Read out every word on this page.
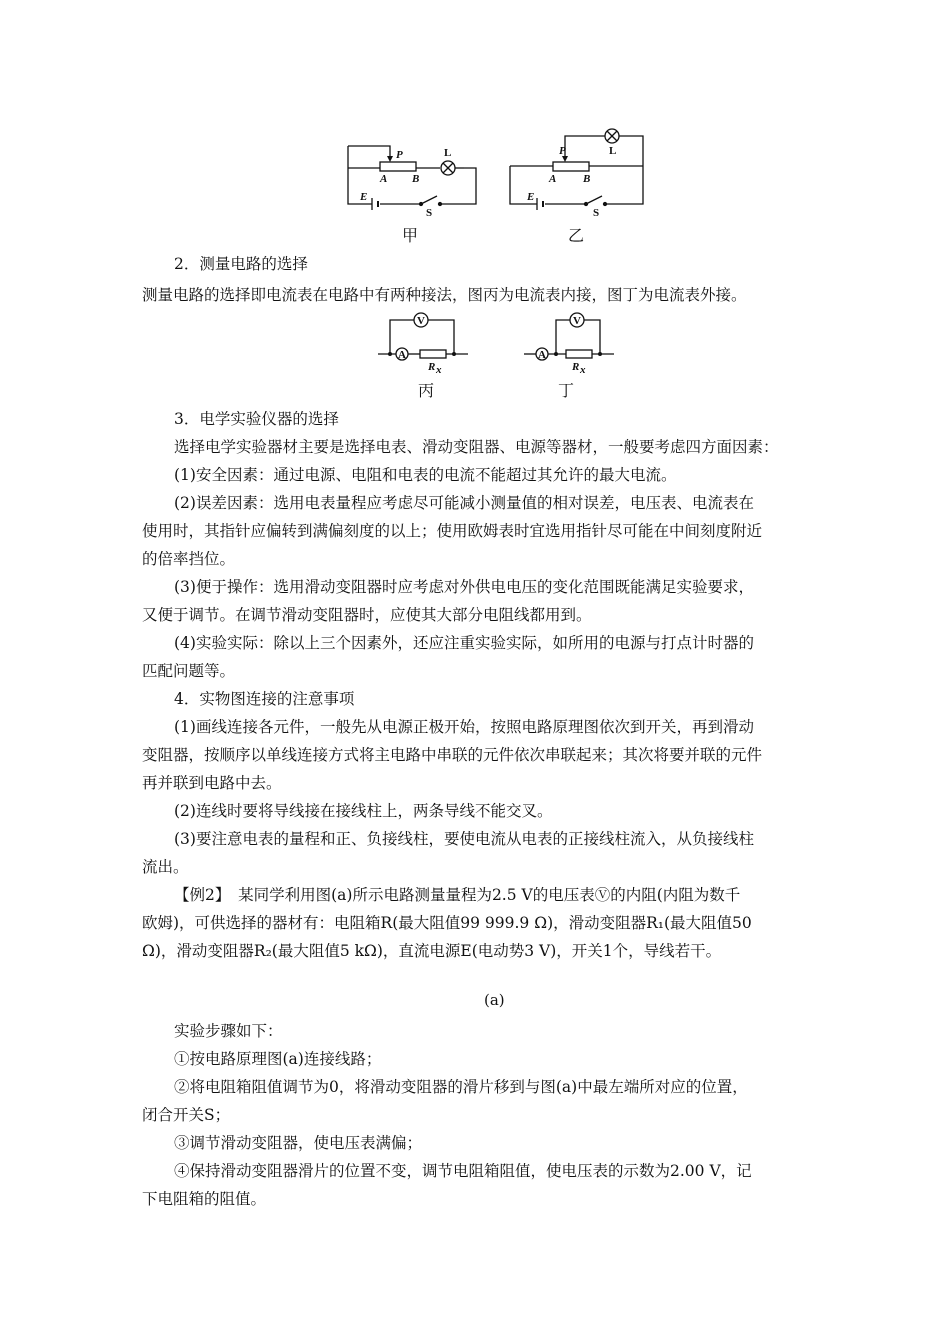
P
A B
L
E
S
甲
P
A B
L
E
S
乙
V
A
R x
丙
V
A
R x
丁
2．测量电路的选择
测量电路的选择即电流表在电路中有两种接法，图丙为电流表内接，图丁为电流表外接。
3．电学实验仪器的选择
选择电学实验器材主要是选择电表、滑动变阻器、电源等器材，一般要考虑四方面因素：
(1)安全因素：通过电源、电阻和电表的电流不能超过其允许的最大电流。
(2)误差因素：选用电表量程应考虑尽可能减小测量值的相对误差，电压表、电流表在
使用时，其指针应偏转到满偏刻度的以上；使用欧姆表时宜选用指针尽可能在中间刻度附近
的倍率挡位。
(3)便于操作：选用滑动变阻器时应考虑对外供电电压的变化范围既能满足实验要求，
又便于调节。在调节滑动变阻器时，应使其大部分电阻线都用到。
(4)实验实际：除以上三个因素外，还应注重实验实际，如所用的电源与打点计时器的
匹配问题等。
4．实物图连接的注意事项
(1)画线连接各元件，一般先从电源正极开始，按照电路原理图依次到开关，再到滑动
变阻器，按顺序以单线连接方式将主电路中串联的元件依次串联起来；其次将要并联的元件
再并联到电路中去。
(2)连线时要将导线接在接线柱上，两条导线不能交叉。
(3)要注意电表的量程和正、负接线柱，要使电流从电表的正接线柱流入，从负接线柱
流出。
【例2】　某同学利用图(a)所示电路测量量程为2.5 V的电压表Ⓥ的内阻(内阻为数千
欧姆)，可供选择的器材有：电阻箱R(最大阻值99 999.9 Ω)，滑动变阻器R₁(最大阻值50
Ω)，滑动变阻器R₂(最大阻值5 kΩ)，直流电源E(电动势3 V)，开关1个，导线若干。
(a)
实验步骤如下：
①按电路原理图(a)连接线路；
②将电阻箱阻值调节为0，将滑动变阻器的滑片移到与图(a)中最左端所对应的位置，
闭合开关S；
③调节滑动变阻器，使电压表满偏；
④保持滑动变阻器滑片的位置不变，调节电阻箱阻值，使电压表的示数为2.00 V，记
下电阻箱的阻值。
